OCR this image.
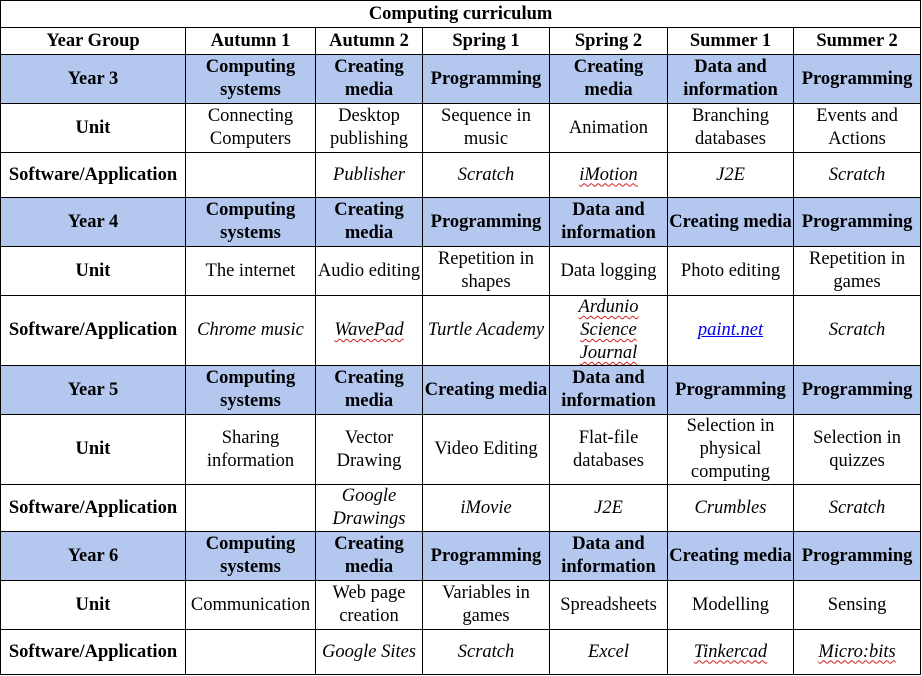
Computing curriculum						
Year Group	Autumn 1	Autumn 2	Spring 1	Spring 2	Summer 1	Summer 2
Year 3	Computing systems	Creating media	Programming	Creating media	Data and information	Programming
Unit	Connecting Computers	Desktop publishing	Sequence in music	Animation	Branching databases	Events and Actions
Software/Application		Publisher	Scratch	iMotion	J2E	Scratch
Year 4	Computing systems	Creating media	Programming	Data and information	Creating media	Programming
Unit	The internet	Audio editing	Repetition in shapes	Data logging	Photo editing	Repetition in games
Software/Application	Chrome music	WavePad	Turtle Academy	Ardunio Science Journal	paint.net	Scratch
Year 5	Computing systems	Creating media	Creating media	Data and information	Programming	Programming
Unit	Sharing information	Vector Drawing	Video Editing	Flat-file databases	Selection in physical computing	Selection in quizzes
Software/Application		Google Drawings	iMovie	J2E	Crumbles	Scratch
Year 6	Computing systems	Creating media	Programming	Data and information	Creating media	Programming
Unit	Communication	Web page creation	Variables in games	Spreadsheets	Modelling	Sensing
Software/Application		Google Sites	Scratch	Excel	Tinkercad	Micro:bits
